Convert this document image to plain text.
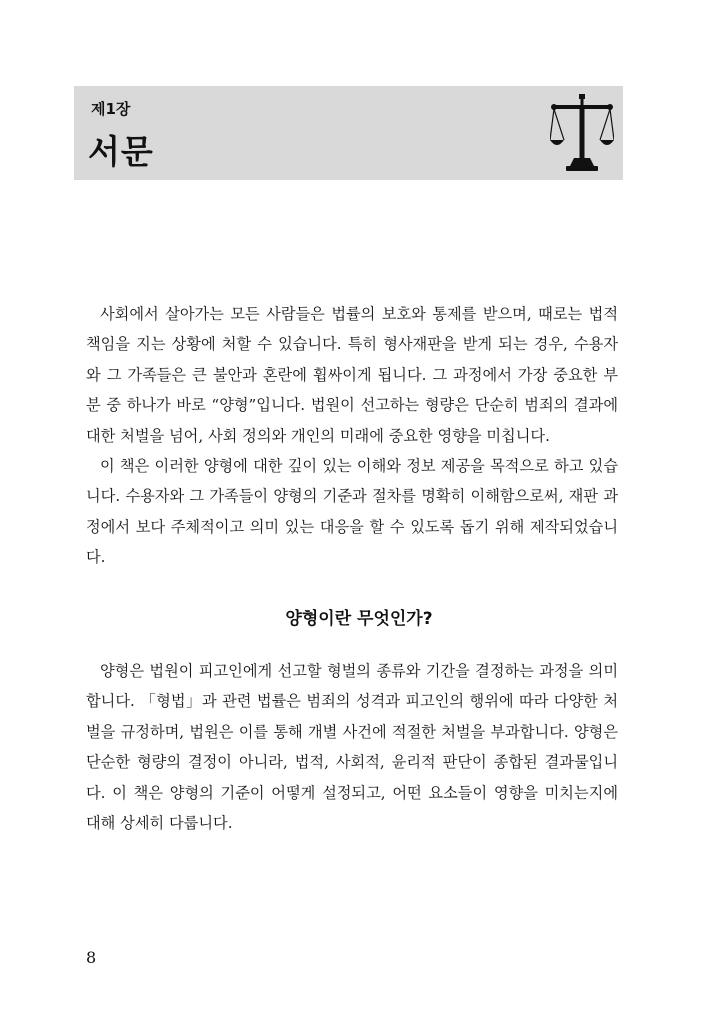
제1장
서문

사회에서 살아가는 모든 사람들은 법률의 보호와 통제를 받으며, 때로는 법적 책임을 지는 상황에 처할 수 있습니다. 특히 형사재판을 받게 되는 경우, 수용자와 그 가족들은 큰 불안과 혼란에 휩싸이게 됩니다. 그 과정에서 가장 중요한 부분 중 하나가 바로 “양형”입니다. 법원이 선고하는 형량은 단순히 범죄의 결과에 대한 처벌을 넘어, 사회 정의와 개인의 미래에 중요한 영향을 미칩니다.

이 책은 이러한 양형에 대한 깊이 있는 이해와 정보 제공을 목적으로 하고 있습니다. 수용자와 그 가족들이 양형의 기준과 절차를 명확히 이해함으로써, 재판 과정에서 보다 주체적이고 의미 있는 대응을 할 수 있도록 돕기 위해 제작되었습니다.

양형이란 무엇인가?

양형은 법원이 피고인에게 선고할 형벌의 종류와 기간을 결정하는 과정을 의미합니다. 「형법」과 관련 법률은 범죄의 성격과 피고인의 행위에 따라 다양한 처벌을 규정하며, 법원은 이를 통해 개별 사건에 적절한 처벌을 부과합니다. 양형은 단순한 형량의 결정이 아니라, 법적, 사회적, 윤리적 판단이 종합된 결과물입니다. 이 책은 양형의 기준이 어떻게 설정되고, 어떤 요소들이 영향을 미치는지에 대해 상세히 다룹니다.

8
